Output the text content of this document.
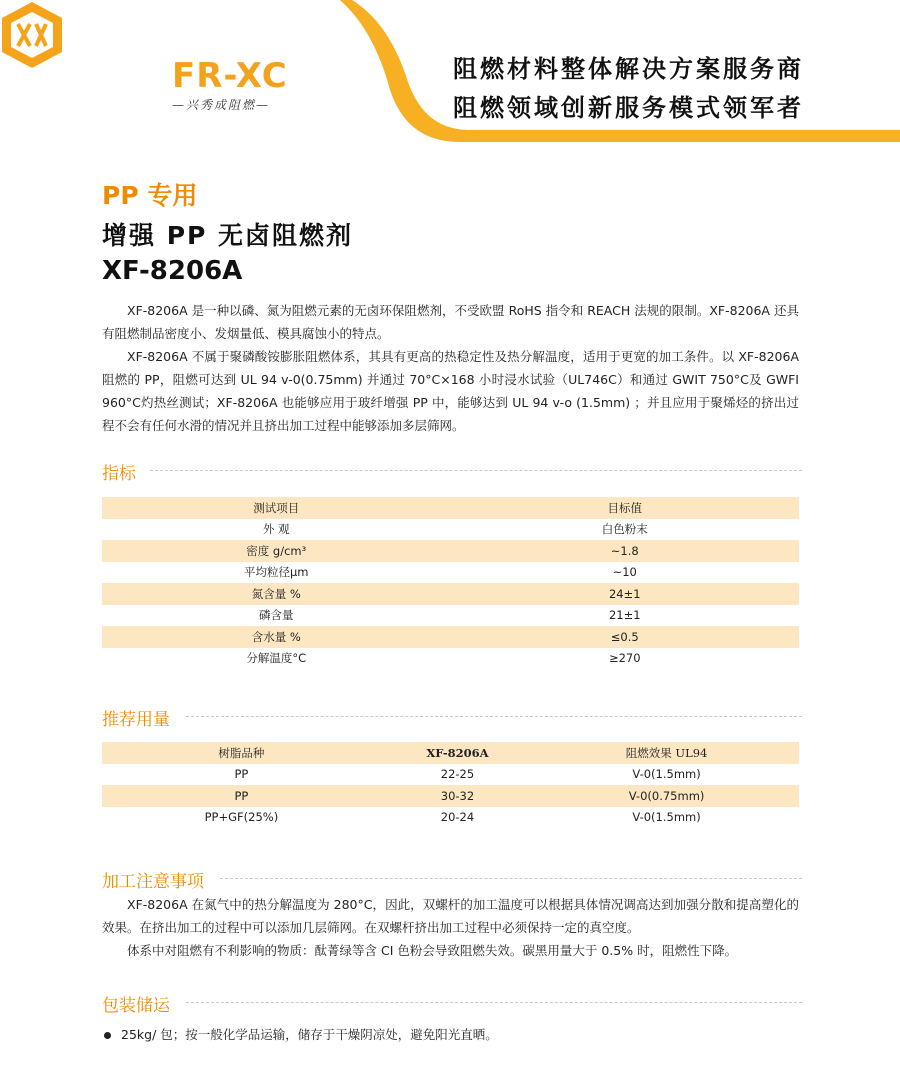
FR-XC
—兴秀成阻燃—
阻燃材料整体解决方案服务商
阻燃领域创新服务模式领军者
PP 专用
增强 PP 无卤阻燃剂
XF-8206A
  XF-8206A 是一种以磷、氮为阻燃元素的无卤环保阻燃剂，不受欧盟 RoHS 指令和 REACH 法规的限制。XF-8206A 还具有阻燃制品密度小、发烟量低、模具腐蚀小的特点。
  XF-8206A 不属于聚磷酸铵膨胀阻燃体系，其具有更高的热稳定性及热分解温度，适用于更宽的加工条件。以 XF-8206A 阻燃的 PP，阻燃可达到 UL 94 v-0(0.75mm) 并通过 70°C×168 小时浸水试验（UL746C）和通过 GWIT 750°C及 GWFI 960°C灼热丝测试；XF-8206A 也能够应用于玻纤增强 PP 中，能够达到 UL 94 v-o (1.5mm) ；并且应用于聚烯烃的挤出过程不会有任何水滑的情况并且挤出加工过程中能够添加多层筛网。
指标
测试项目	目标值
外 观	白色粉末
密度 g/cm³	~1.8
平均粒径μm	~10
氮含量 %	24±1
磷含量	21±1
含水量 %	≤0.5
分解温度°C	≥270
推荐用量
树脂品种	XF-8206A	阻燃效果 UL94
PP	22-25	V-0(1.5mm)
PP	30-32	V-0(0.75mm)
PP+GF(25%)	20-24	V-0(1.5mm)
加工注意事项
  XF-8206A 在氮气中的热分解温度为 280°C，因此，双螺杆的加工温度可以根据具体情况调高达到加强分散和提高塑化的效果。在挤出加工的过程中可以添加几层筛网。在双螺杆挤出加工过程中必须保持一定的真空度。
  体系中对阻燃有不利影响的物质：酞菁绿等含 CI 色粉会导致阻燃失效。碳黑用量大于 0.5% 时，阻燃性下降。
包装储运
25kg/ 包；按一般化学品运输，储存于干燥阴凉处，避免阳光直晒。
